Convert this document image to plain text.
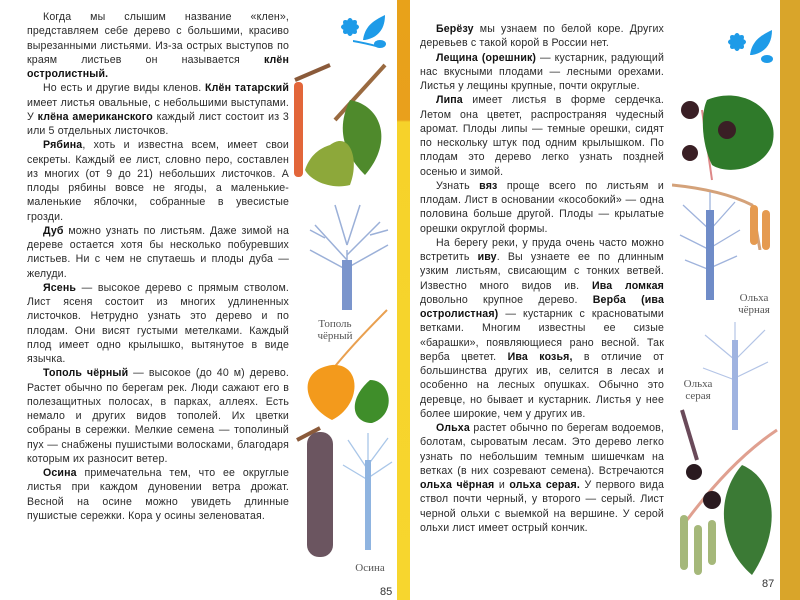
Когда мы слышим название «клен», представляем себе дерево с большими, красиво вырезанными листьями. Из-за острых выступов по краям листьев он называется клён остролистный.

Но есть и другие виды кленов. Клён татарский имеет листья овальные, с небольшими выступами. У клёна американского каждый лист состоит из 3 или 5 отдельных листочков.

Рябина, хоть и известна всем, имеет свои секреты. Каждый ее лист, словно перо, составлен из многих (от 9 до 21) небольших листочков. А плоды рябины вовсе не ягоды, а маленькие-маленькие яблочки, собранные в увесистые грозди.

Дуб можно узнать по листьям. Даже зимой на дереве остается хотя бы несколько побуревших листьев. Ни с чем не спутаешь и плоды дуба — желуди.

Ясень — высокое дерево с прямым стволом. Лист ясеня состоит из многих удлиненных листочков. Нетрудно узнать это дерево и по плодам. Они висят густыми метелками. Каждый плод имеет одно крылышко, вытянутое в виде язычка.

Тополь чёрный — высокое (до 40 м) дерево. Растет обычно по берегам рек. Люди сажают его в полезащитных полосах, в парках, аллеях. Есть немало и других видов тополей. Их цветки собраны в сережки. Мелкие семена — тополиный пух — снабжены пушистыми волосками, благодаря которым их разносит ветер.

Осина примечательна тем, что ее округлые листья при каждом дуновении ветра дрожат. Весной на осине можно увидеть длинные пушистые сережки. Кора у осины зеленоватая.

Тополь чёрный
Осина
85

Берёзу мы узнаем по белой коре. Других деревьев с такой корой в России нет.

Лещина (орешник) — кустарник, радующий нас вкусными плодами — лесными орехами. Листья у лещины крупные, почти округлые.

Липа имеет листья в форме сердечка. Летом она цветет, распространяя чудесный аромат. Плоды липы — темные орешки, сидят по нескольку штук под одним крылышком. По плодам это дерево легко узнать поздней осенью и зимой.

Узнать вяз проще всего по листьям и плодам. Лист в основании «кособокий» — одна половина больше другой. Плоды — крылатые орешки округлой формы.

На берегу реки, у пруда очень часто можно встретить иву. Вы узнаете ее по длинным узким листьям, свисающим с тонких ветвей. Известно много видов ив. Ива ломкая довольно крупное дерево. Верба (ива остролистная) — кустарник с красноватыми ветками. Многим известны ее сизые «барашки», появляющиеся рано весной. Так верба цветет. Ива козья, в отличие от большинства других ив, селится в лесах и особенно на лесных опушках. Обычно это деревце, но бывает и кустарник. Листья у нее более широкие, чем у других ив.

Ольха растет обычно по берегам водоемов, болотам, сыроватым лесам. Это дерево легко узнать по небольшим темным шишечкам на ветках (в них созревают семена). Встречаются ольха чёрная и ольха серая. У первого вида ствол почти черный, у второго — серый. Лист черной ольхи с выемкой на вершине. У серой ольхи лист имеет острый кончик.

Ольха чёрная
Ольха серая
87
